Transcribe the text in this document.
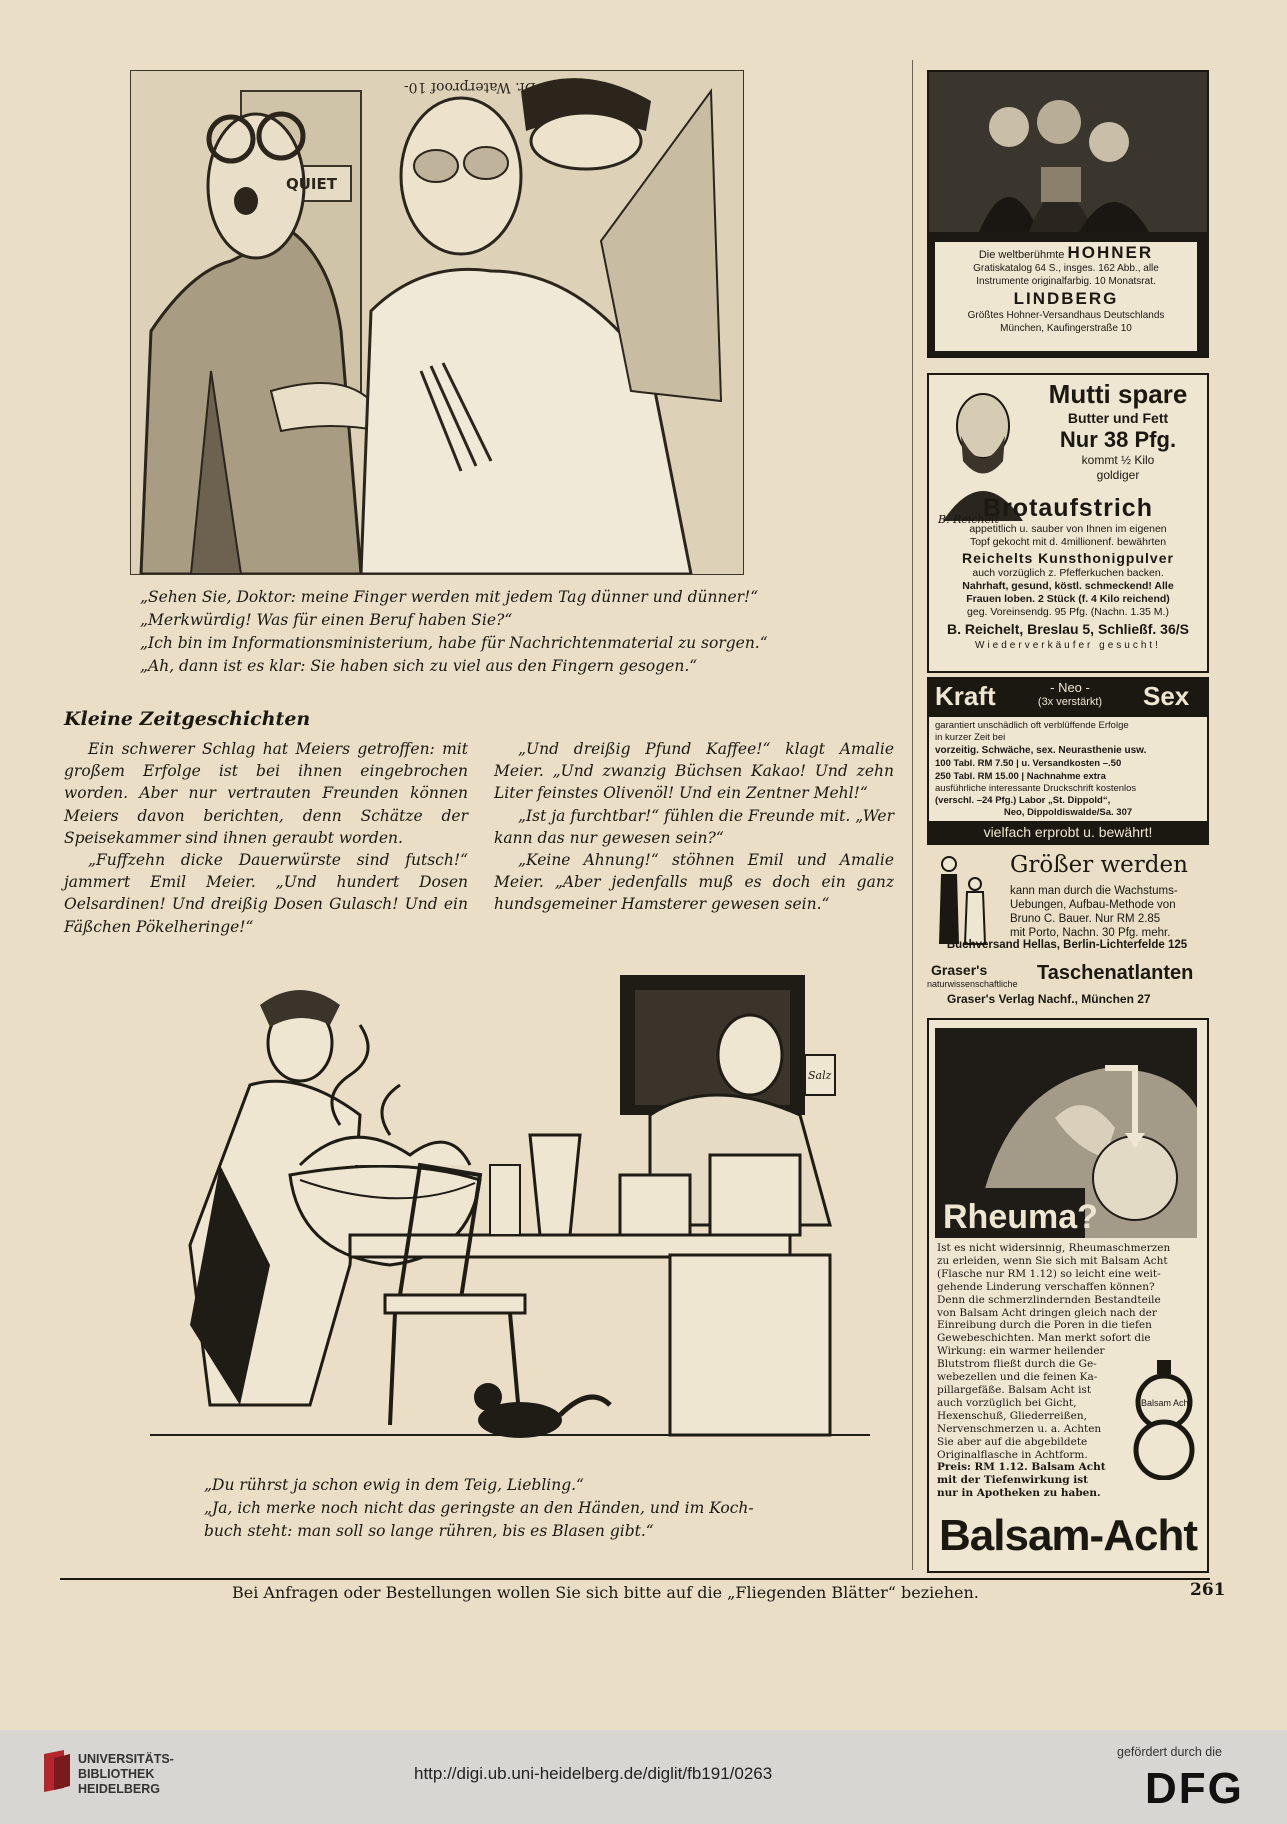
Dr. Waterproof 10-
QUIET
„Sehen Sie, Doktor: meine Finger werden mit jedem Tag dünner und dünner!“
„Merkwürdig! Was für einen Beruf haben Sie?“
„Ich bin im Informationsministerium, habe für Nachrichtenmaterial zu sorgen.“
„Ah, dann ist es klar: Sie haben sich zu viel aus den Fingern gesogen.“
Kleine Zeitgeschichten

Ein schwerer Schlag hat Meiers getroffen: mit großem Erfolge ist bei ihnen eingebrochen worden. Aber nur vertrauten Freunden können Meiers davon berichten, denn Schätze der Speisekammer sind ihnen geraubt worden.

„Fuffzehn dicke Dauerwürste sind futsch!“ jammert Emil Meier. „Und hundert Dosen Oelsardinen! Und dreißig Dosen Gulasch! Und ein Fäßchen Pökelheringe!“

„Und dreißig Pfund Kaffee!“ klagt Amalie Meier. „Und zwanzig Büchsen Kakao! Und zehn Liter feinstes Olivenöl! Und ein Zentner Mehl!“

„Ist ja furchtbar!“ fühlen die Freunde mit. „Wer kann das nur gewesen sein?“

„Keine Ahnung!“ stöhnen Emil und Amalie Meier. „Aber jedenfalls muß es doch ein ganz hundsgemeiner Hamsterer gewesen sein.“

Salz
„Du rührst ja schon ewig in dem Teig, Liebling.“
„Ja, ich merke noch nicht das geringste an den Händen, und im Koch-
buch steht: man soll so lange rühren, bis es Blasen gibt.“
Die weltberühmte HOHNER
Gratiskatalog 64 S., insges. 162 Abb., alle
Instrumente originalfarbig. 10 Monatsrat.
LINDBERG
Größtes Hohner-Versandhaus Deutschlands
München, Kaufingerstraße 10
B. Reichelt
Mutti spare
Butter und Fett
Nur 38 Pfg.
kommt ½ Kilo
goldiger
Brotaufstrich
appetitlich u. sauber von Ihnen im eigenen
Topf gekocht mit d. 4millionenf. bewährten
Reichelts Kunsthonigpulver
auch vorzüglich z. Pfefferkuchen backen.
Nahrhaft, gesund, köstl. schmeckend! Alle
Frauen loben. 2 Stück (f. 4 Kilo reichend)
geg. Voreinsendg. 95 Pfg. (Nachn. 1.35 M.)
B. Reichelt, Breslau 5, Schließf. 36/S
Wiederverkäufer gesucht!
Kraft	- Neo -
(3x verstärkt)	Sex
garantiert unschädlich oft verblüffende Erfolge
in kurzer Zeit bei
vorzeitig. Schwäche, sex. Neurasthenie usw.
100 Tabl. RM 7.50 | u. Versandkosten –.50
250 Tabl. RM 15.00 | Nachnahme extra
ausführliche interessante Druckschrift kostenlos
(verschl. –24 Pfg.) Labor „St. Dippold“,
Neo, Dippoldiswalde/Sa. 307
vielfach erprobt u. bewährt!
Größer werden
kann man durch die Wachstums-
Uebungen, Aufbau-Methode von
Bruno C. Bauer. Nur RM 2.85
mit Porto, Nachn. 30 Pfg. mehr.
Buchversand Hellas, Berlin-Lichterfelde 125
Graser's
naturwissenschaftliche Taschenatlanten
Graser's Verlag Nachf., München 27
Rheuma?
Ist es nicht widersinnig, Rheumaschmerzen
zu erleiden, wenn Sie sich mit Balsam Acht
(Flasche nur RM 1.12) so leicht eine weit-
gehende Linderung verschaffen können?
Denn die schmerzlindernden Bestandteile
von Balsam Acht dringen gleich nach der
Einreibung durch die Poren in die tiefen
Gewebeschichten. Man merkt sofort die
Wirkung: ein warmer heilender
Blutstrom fließt durch die Ge-
webezellen und die feinen Ka-
pillargefäße. Balsam Acht ist
auch vorzüglich bei Gicht,
Hexenschuß, Gliederreißen,
Nervenschmerzen u. a. Achten
Sie aber auf die abgebildete
Originalflasche in Achtform.
Preis: RM 1.12. Balsam Acht
mit der Tiefenwirkung ist
nur in Apotheken zu haben.
Balsam Acht
Balsam-Acht
Bei Anfragen oder Bestellungen wollen Sie sich bitte auf die „Fliegenden Blätter“ beziehen.	261
UNIVERSITÄTS-
BIBLIOTHEK
HEIDELBERG
http://digi.ub.uni-heidelberg.de/diglit/fb191/0263
gefördert durch die
DFG
